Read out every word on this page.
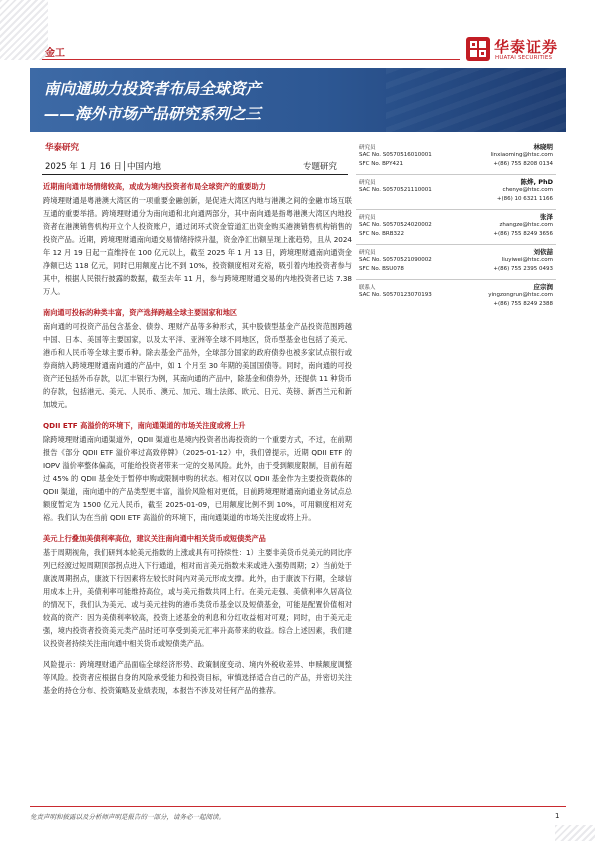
金工	华泰证券
HUATAI SECURITIES
南向通助力投资者布局全球资产
——海外市场产品研究系列之三
华泰研究
2025 年 1 月 16 日│中国内地	专题研究
研究员	林晓明
SAC No. S0570516010001
SFC No. BPY421
linxiaoming@htsc.com
+(86) 755 8208 0134
研究员	陈烨, PhD
SAC No. S0570521110001	chenye@htsc.com
+(86) 10 6321 1166
研究员	张泽
SAC No. S0570524020002
SFC No. BRB322
zhangze@htsc.com
+(86) 755 8249 3656
研究员	刘依喆
SAC No. S0570521090002
SFC No. BSU078
liuyiwei@htsc.com
+(86) 755 2395 0493
联系人	应宗润
SAC No. S0570123070193	yingzongrun@htsc.com
+(86) 755 8249 2388
近期南向通市场情绪较高，或成为境内投资者布局全球资产的重要助力
跨境理财通是粤港澳大湾区的一项重要金融创新，是促进大湾区内地与港澳之间的金融市场互联互通的重要举措。跨境理财通分为南向通和北向通两部分，其中南向通是指粤港澳大湾区内地投资者在港澳销售机构开立个人投资账户，通过闭环式资金管道汇出资金购买港澳销售机构销售的投资产品。近期，跨境理财通南向通交易情绪持续升温，资金净汇出额呈现上涨趋势，且从 2024 年 12 月 19 日起一直维持在 100 亿元以上，截至 2025 年 1 月 13 日，跨境理财通南向通资金净额已达 118 亿元，同时已用额度占比不到 10%，投资额度相对充裕，吸引着内地投资者参与其中，根据人民银行披露的数据，截至去年 11 月，参与跨境理财通交易的内地投资者已达 7.38 万人。
南向通可投标的种类丰富，资产选择跨越全球主要国家和地区
南向通的可投资产品包含基金、债券、理财产品等多种形式，其中股债型基金产品投资范围跨越中国、日本、美国等主要国家，以及太平洋、亚洲等全球不同地区，货币型基金也包括了美元、港币和人民币等全球主要币种。除去基金产品外，全球部分国家的政府债券也被多家试点银行或券商纳入跨境理财通南向通的产品中，如 1 个月至 30 年期的美国国债等。同时，南向通的可投资产还包括外币存款，以汇丰银行为例，其南向通的产品中，除基金和债券外，还提供 11 种货币的存款，包括港元、美元、人民币、澳元、加元、瑞士法郎、欧元、日元、英镑、新西兰元和新加坡元。
QDII ETF 高溢价的环境下，南向通渠道的市场关注度或将上升
除跨境理财通南向通渠道外，QDII 渠道也是境内投资者出海投资的一个重要方式，不过，在前期报告《部分 QDII ETF 溢价率过高致停牌》（2025-01-12）中，我们曾提示，近期 QDII ETF 的 IOPV 溢价率整体偏高，可能给投资者带来一定的交易风险。此外，由于受到额度限制，目前有超过 45% 的 QDII 基金处于暂停申购或限制申购的状态。相对仅以 QDII 基金作为主要投资载体的 QDII 渠道，南向通中的产品类型更丰富，溢价风险相对更低，目前跨境理财通南向通业务试点总额度暂定为 1500 亿元人民币，截至 2025-01-09，已用额度比例不到 10%，可用额度相对充裕。我们认为在当前 QDII ETF 高溢价的环境下，南向通渠道的市场关注度或将上升。
美元上行叠加美债利率高位，建议关注南向通中相关货币或短债类产品
基于周期视角，我们研判本轮美元指数的上涨或具有可持续性：1）主要非美货币兑美元的同比序列已经渡过短周期顶部拐点进入下行通道，相对而言美元指数未来或进入强势周期；2）当前处于康波周期拐点，康波下行因素将左较长时间内对美元形成支撑。此外，由于康波下行期，全球信用成本上升，美债利率可能维持高位，或与美元指数共同上行。在美元走强、美债利率久居高位的情况下，我们认为美元、或与美元挂钩的港币类货币基金以及短债基金，可能是配置价值相对较高的资产：因为美债利率较高，投资上述基金的利息和分红收益相对可观；同时，由于美元走强，境内投资者投资美元类产品时还可享受到美元汇率升高带来的收益。综合上述因素，我们建议投资者持续关注南向通中相关货币或短债类产品。
风险提示：跨境理财通产品面临全球经济形势、政策制度变动、境内外税收差异、申赎额度调整等风险。投资者应根据自身的风险承受能力和投资目标，审慎选择适合自己的产品，并密切关注基金的持仓分布、投资策略及业绩表现，本报告不涉及对任何产品的推荐。
免责声明和披露以及分析师声明是报告的一部分，请务必一起阅读。	1
